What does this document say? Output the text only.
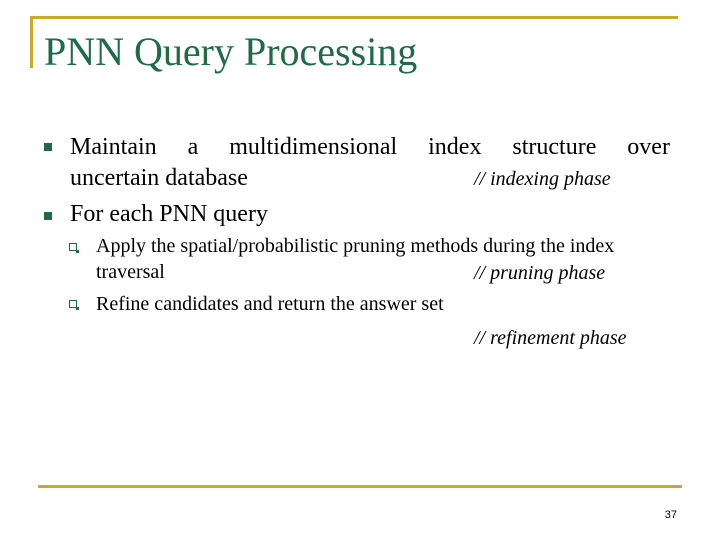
PNN Query Processing
Maintain a multidimensional index structure over
uncertain database	// indexing phase
For each PNN query
Apply the spatial/probabilistic pruning methods during the index
traversal	// pruning phase
Refine candidates and return the answer set
// refinement phase
37
